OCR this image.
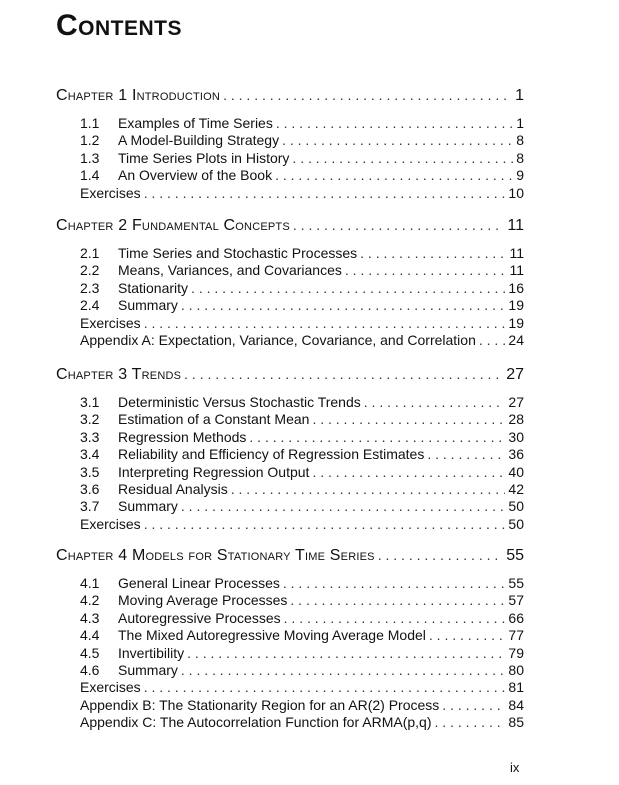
Contents
Chapter 1 Introduction . . .	1
1.1 Examples of Time Series . . .	1
1.2 A Model-Building Strategy . . .	8
1.3 Time Series Plots in History . . .	8
1.4 An Overview of the Book . . .	9
Exercises . . .	10
Chapter 2 Fundamental Concepts . . .	11
2.1 Time Series and Stochastic Processes . . .	11
2.2 Means, Variances, and Covariances . . .	11
2.3 Stationarity . . .	16
2.4 Summary . . .	19
Exercises . . .	19
Appendix A: Expectation, Variance, Covariance, and Correlation . . . 24
Chapter 3 Trends . . .	27
3.1 Deterministic Versus Stochastic Trends . . .	27
3.2 Estimation of a Constant Mean . . .	28
3.3 Regression Methods . . .	30
3.4 Reliability and Efficiency of Regression Estimates . . .	36
3.5 Interpreting Regression Output . . .	40
3.6 Residual Analysis . . .	42
3.7 Summary . . .	50
Exercises . . .	50
Chapter 4 Models for Stationary Time Series . . .	55
4.1 General Linear Processes . . .	55
4.2 Moving Average Processes . . .	57
4.3 Autoregressive Processes . . .	66
4.4 The Mixed Autoregressive Moving Average Model . . .	77
4.5 Invertibility . . .	79
4.6 Summary . . .	80
Exercises . . .	81
Appendix B: The Stationarity Region for an AR(2) Process . . .	84
Appendix C: The Autocorrelation Function for ARMA(p,q) . . .	85
ix
